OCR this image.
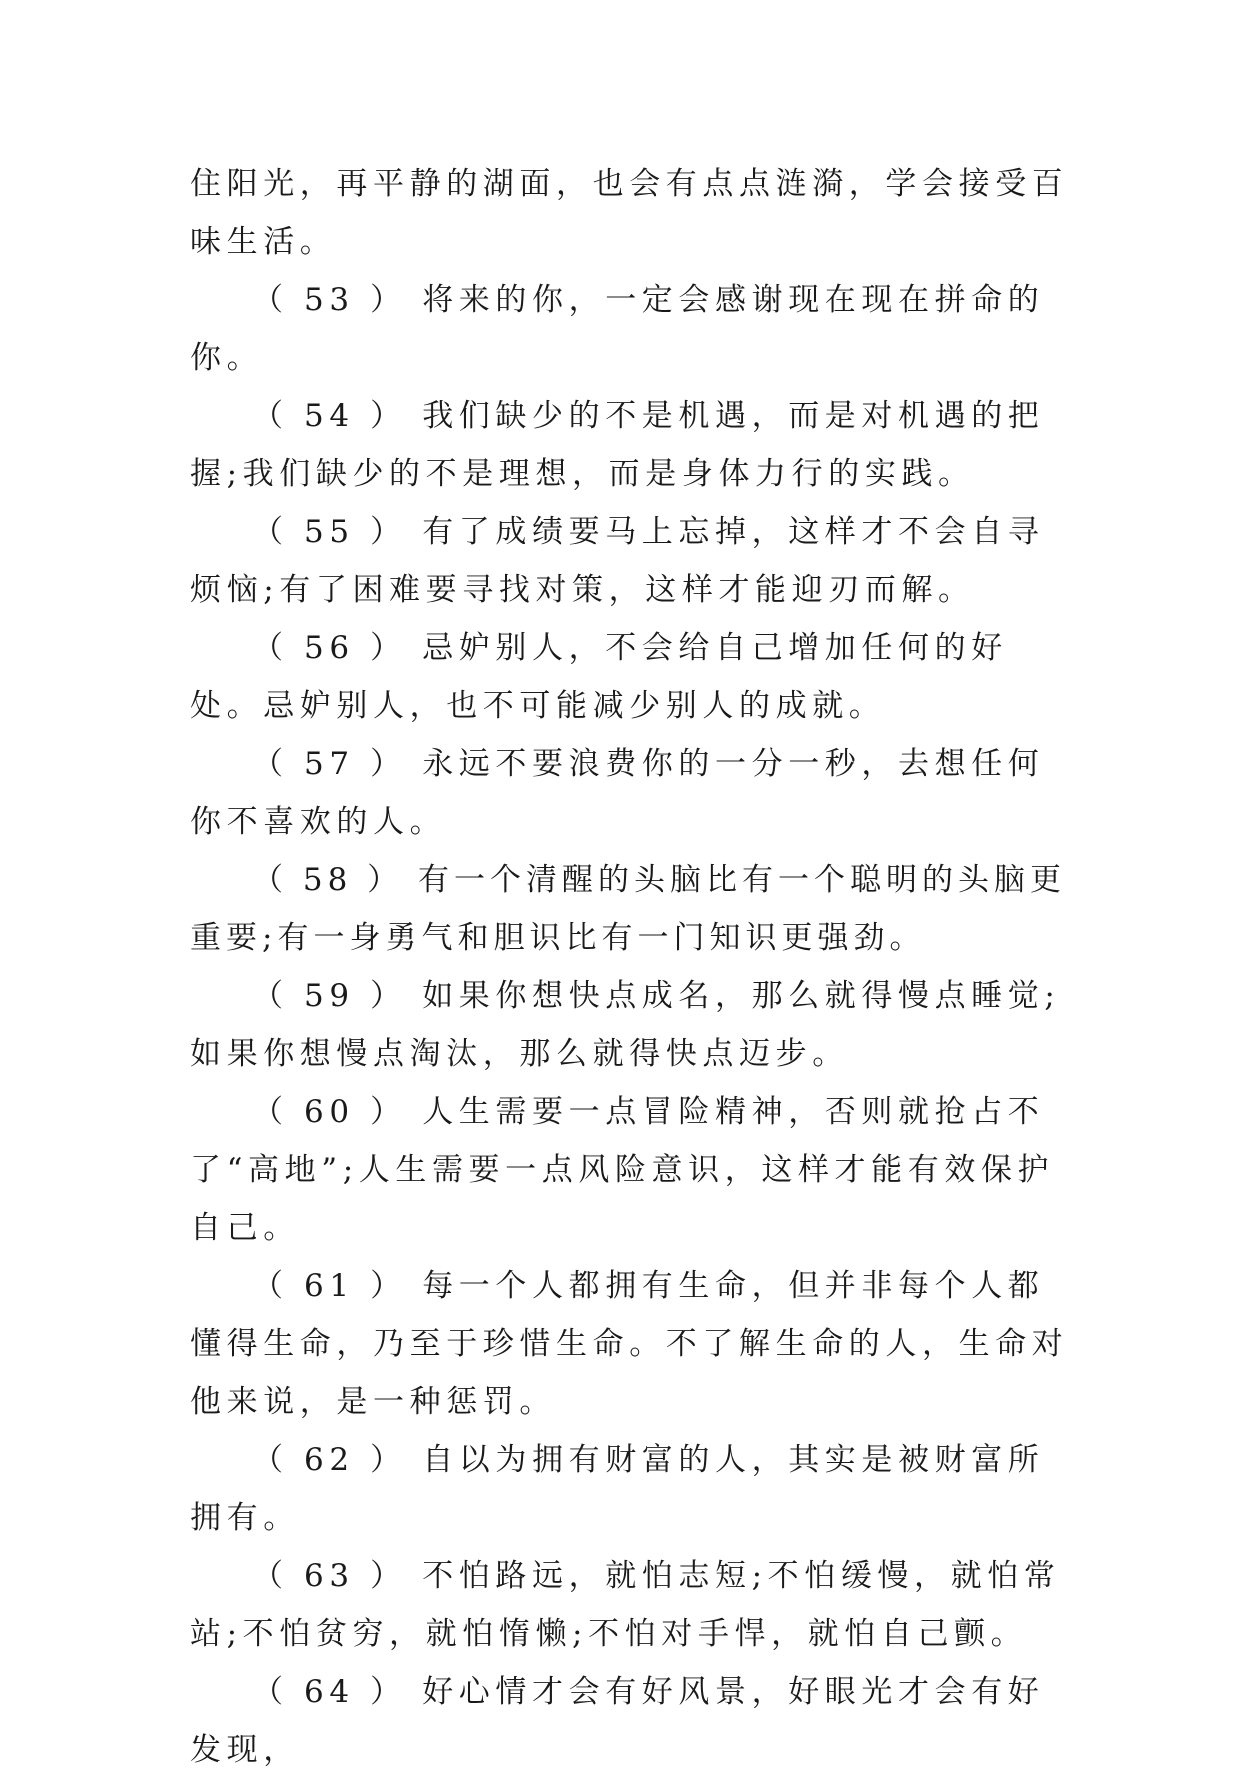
住阳光，再平静的湖面，也会有点点涟漪，学会接受百味生活。

（ 53 ） 将来的你，一定会感谢现在现在拼命的你。

（ 54 ） 我们缺少的不是机遇，而是对机遇的把握;我们缺少的不是理想，而是身体力行的实践。

（ 55 ） 有了成绩要马上忘掉，这样才不会自寻烦恼;有了困难要寻找对策，这样才能迎刃而解。

（ 56 ） 忌妒别人，不会给自己增加任何的好处。忌妒别人，也不可能减少别人的成就。

（ 57 ） 永远不要浪费你的一分一秒，去想任何你不喜欢的人。

（ 58 ） 有一个清醒的头脑比有一个聪明的头脑更重要;有一身勇气和胆识比有一门知识更强劲。

（ 59 ） 如果你想快点成名，那么就得慢点睡觉;如果你想慢点淘汰，那么就得快点迈步。

（ 60 ） 人生需要一点冒险精神，否则就抢占不了“高地”;人生需要一点风险意识，这样才能有效保护自己。

（ 61 ） 每一个人都拥有生命，但并非每个人都懂得生命，乃至于珍惜生命。不了解生命的人，生命对他来说，是一种惩罚。

（ 62 ） 自以为拥有财富的人，其实是被财富所拥有。

（ 63 ） 不怕路远，就怕志短;不怕缓慢，就怕常站;不怕贫穷，就怕惰懒;不怕对手悍，就怕自己颤。

（ 64 ） 好心情才会有好风景，好眼光才会有好发现，
